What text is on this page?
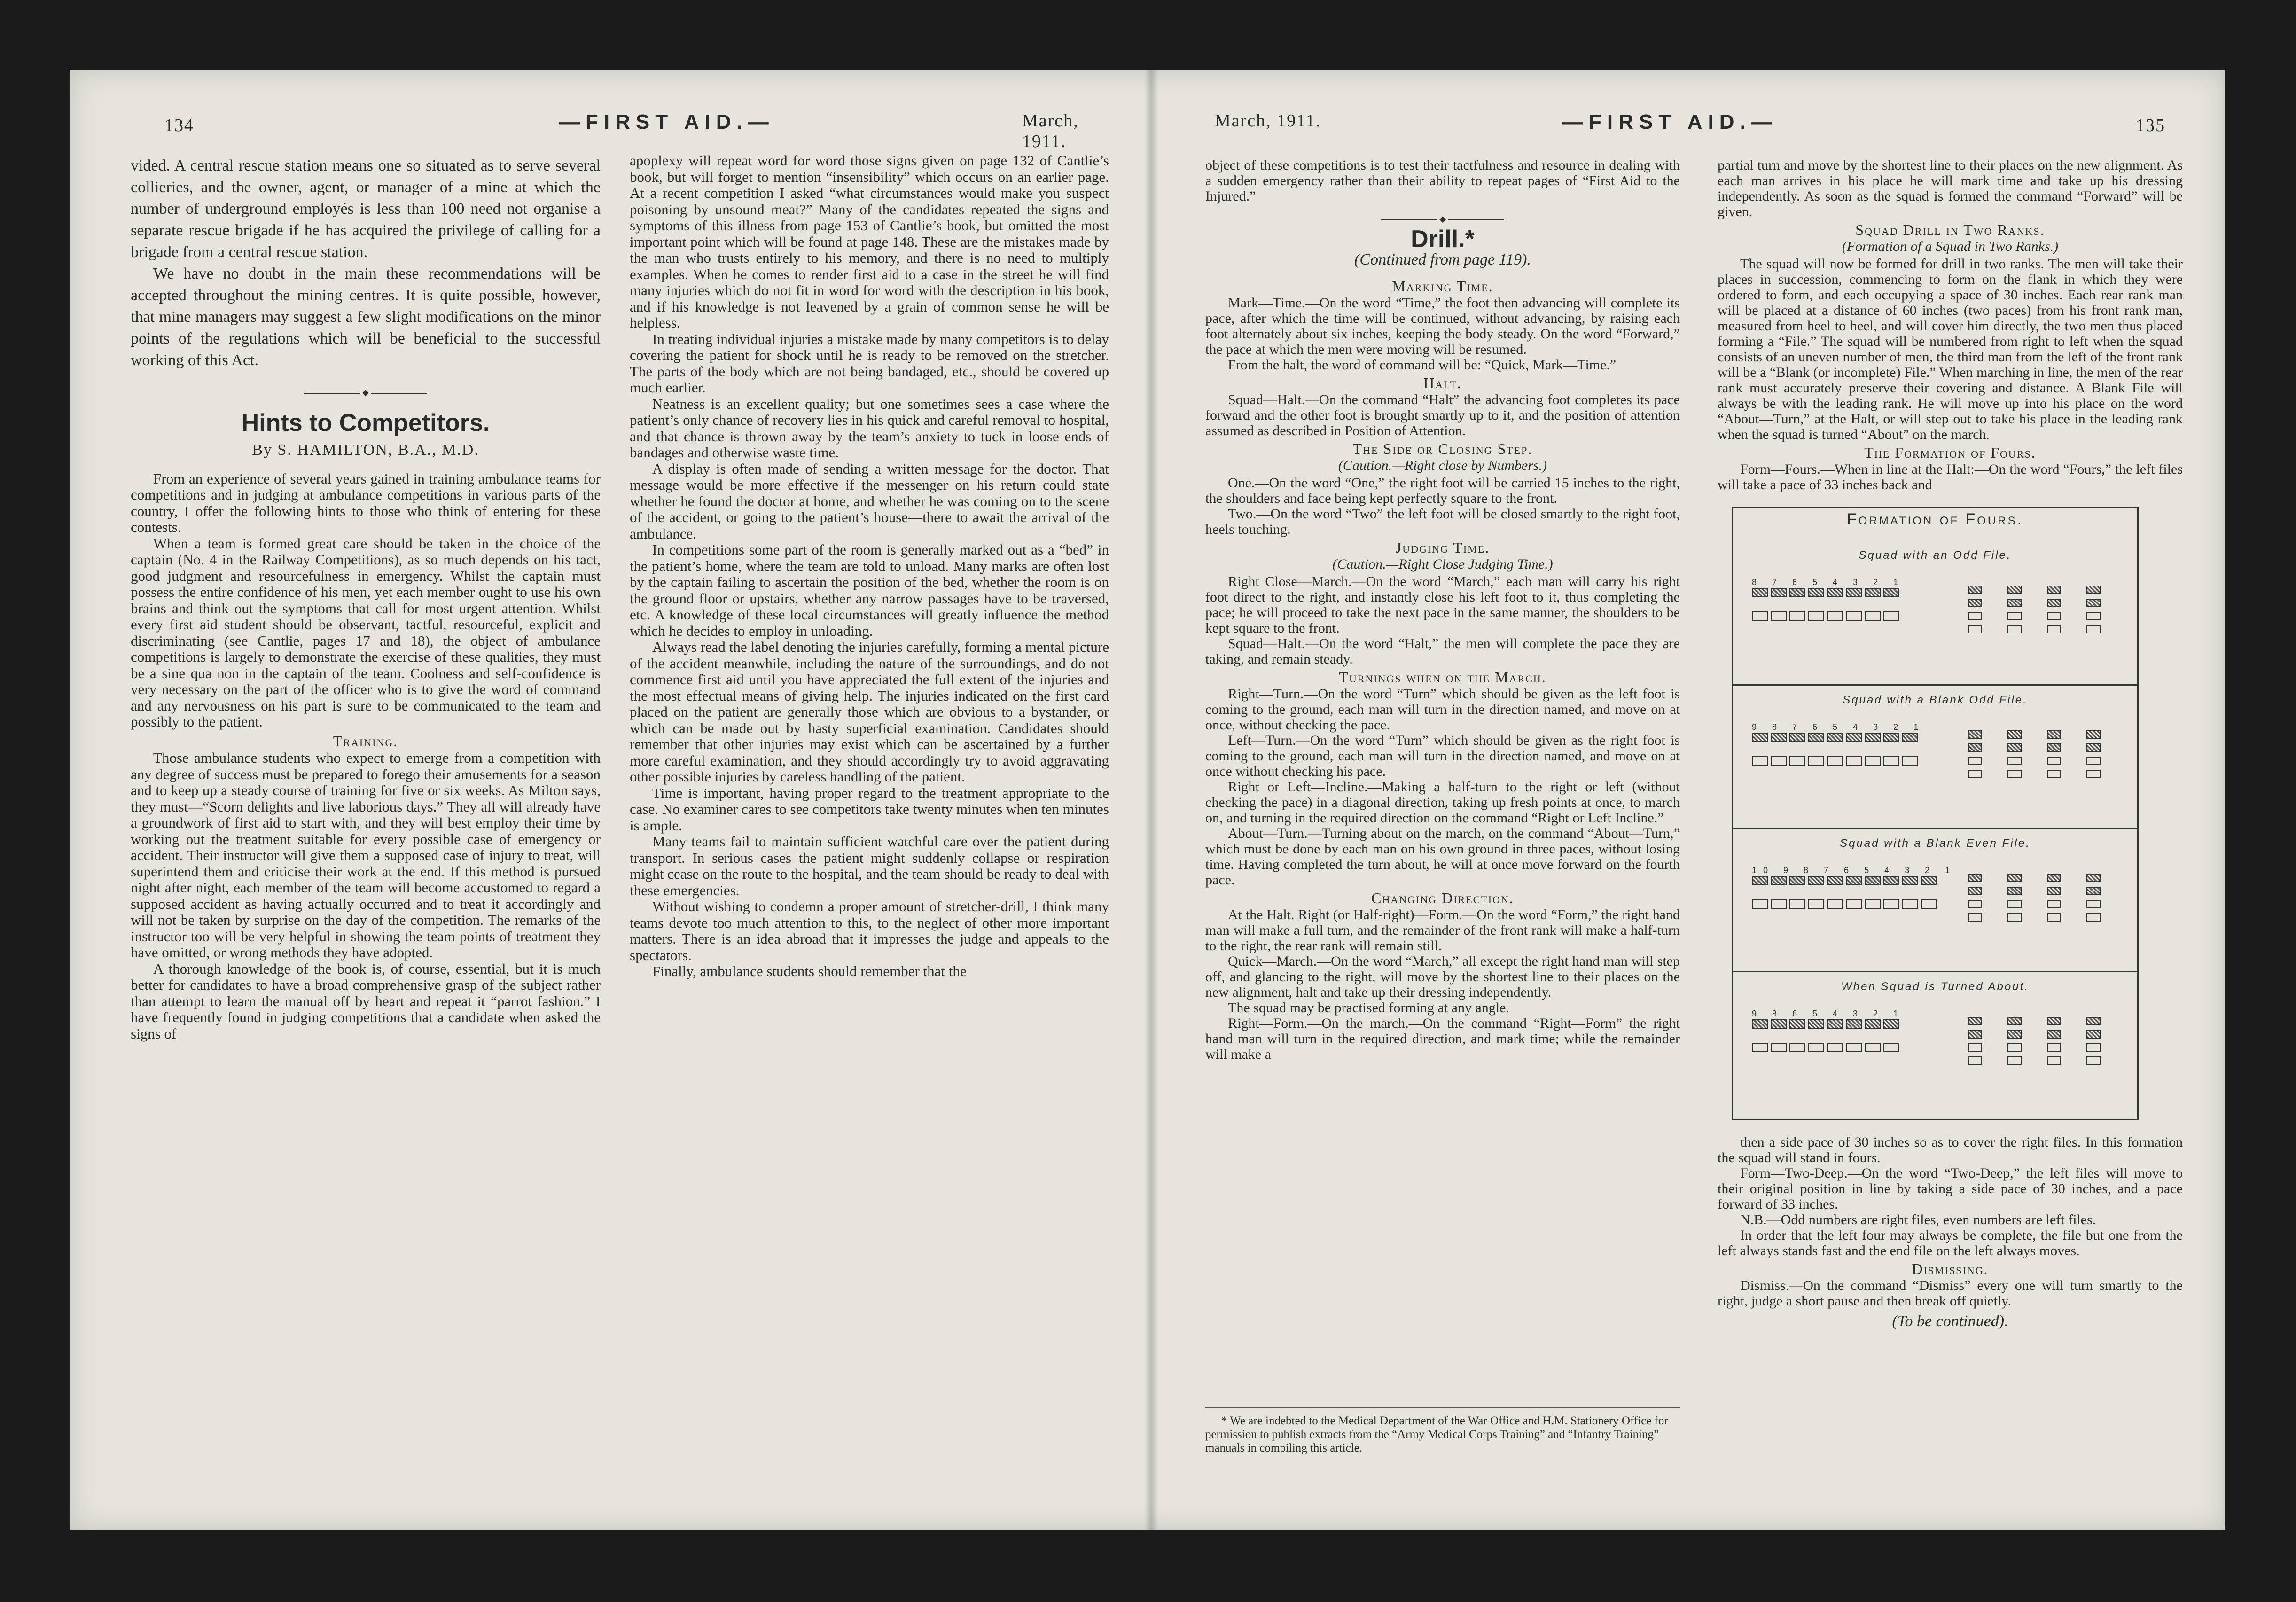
134	—FIRST AID.—	March, 1911.

vided. A central rescue station means one so situated as to serve several collieries, and the owner, agent, or manager of a mine at which the number of underground employés is less than 100 need not organise a separate rescue brigade if he has acquired the privilege of calling for a brigade from a central rescue station.

We have no doubt in the main these recommendations will be accepted throughout the mining centres. It is quite possible, however, that mine managers may suggest a few slight modifications on the minor points of the regulations which will be beneficial to the successful working of this Act.

◆
Hints to Competitors.
By S. HAMILTON, B.A., M.D.

From an experience of several years gained in training ambulance teams for competitions and in judging at ambulance competitions in various parts of the country, I offer the following hints to those who think of entering for these contests.

When a team is formed great care should be taken in the choice of the captain (No. 4 in the Railway Competitions), as so much depends on his tact, good judgment and resourcefulness in emergency. Whilst the captain must possess the entire confidence of his men, yet each member ought to use his own brains and think out the symptoms that call for most urgent attention. Whilst every first aid student should be observant, tactful, resourceful, explicit and discriminating (see Cantlie, pages 17 and 18), the object of ambulance competitions is largely to demonstrate the exercise of these qualities, they must be a sine qua non in the captain of the team. Coolness and self-confidence is very necessary on the part of the officer who is to give the word of command and any nervousness on his part is sure to be communicated to the team and possibly to the patient.

Training.

Those ambulance students who expect to emerge from a competition with any degree of success must be prepared to forego their amusements for a season and to keep up a steady course of training for five or six weeks. As Milton says, they must—“Scorn delights and live laborious days.” They all will already have a groundwork of first aid to start with, and they will best employ their time by working out the treatment suitable for every possible case of emergency or accident. Their instructor will give them a supposed case of injury to treat, will superintend them and criticise their work at the end. If this method is pursued night after night, each member of the team will become accustomed to regard a supposed accident as having actually occurred and to treat it accordingly and will not be taken by surprise on the day of the competition. The remarks of the instructor too will be very helpful in showing the team points of treatment they have omitted, or wrong methods they have adopted.

A thorough knowledge of the book is, of course, essential, but it is much better for candidates to have a broad comprehensive grasp of the subject rather than attempt to learn the manual off by heart and repeat it “parrot fashion.” I have frequently found in judging competitions that a candidate when asked the signs of

apoplexy will repeat word for word those signs given on page 132 of Cantlie’s book, but will forget to mention “insensibility” which occurs on an earlier page. At a recent competition I asked “what circumstances would make you suspect poisoning by unsound meat?” Many of the candidates repeated the signs and symptoms of this illness from page 153 of Cantlie’s book, but omitted the most important point which will be found at page 148. These are the mistakes made by the man who trusts entirely to his memory, and there is no need to multiply examples. When he comes to render first aid to a case in the street he will find many injuries which do not fit in word for word with the description in his book, and if his knowledge is not leavened by a grain of common sense he will be helpless.

In treating individual injuries a mistake made by many competitors is to delay covering the patient for shock until he is ready to be removed on the stretcher. The parts of the body which are not being bandaged, etc., should be covered up much earlier.

Neatness is an excellent quality; but one sometimes sees a case where the patient’s only chance of recovery lies in his quick and careful removal to hospital, and that chance is thrown away by the team’s anxiety to tuck in loose ends of bandages and otherwise waste time.

A display is often made of sending a written message for the doctor. That message would be more effective if the messenger on his return could state whether he found the doctor at home, and whether he was coming on to the scene of the accident, or going to the patient’s house—there to await the arrival of the ambulance.

In competitions some part of the room is generally marked out as a “bed” in the patient’s home, where the team are told to unload. Many marks are often lost by the captain failing to ascertain the position of the bed, whether the room is on the ground floor or upstairs, whether any narrow passages have to be traversed, etc. A knowledge of these local circumstances will greatly influence the method which he decides to employ in unloading.

Always read the label denoting the injuries carefully, forming a mental picture of the accident meanwhile, including the nature of the surroundings, and do not commence first aid until you have appreciated the full extent of the injuries and the most effectual means of giving help. The injuries indicated on the first card placed on the patient are generally those which are obvious to a bystander, or which can be made out by hasty superficial examination. Candidates should remember that other injuries may exist which can be ascertained by a further more careful examination, and they should accordingly try to avoid aggravating other possible injuries by careless handling of the patient.

Time is important, having proper regard to the treatment appropriate to the case. No examiner cares to see competitors take twenty minutes when ten minutes is ample.

Many teams fail to maintain sufficient watchful care over the patient during transport. In serious cases the patient might suddenly collapse or respiration might cease on the route to the hospital, and the team should be ready to deal with these emergencies.

Without wishing to condemn a proper amount of stretcher-drill, I think many teams devote too much attention to this, to the neglect of other more important matters. There is an idea abroad that it impresses the judge and appeals to the spectators.

Finally, ambulance students should remember that the

March, 1911.	—FIRST AID.—	135

object of these competitions is to test their tactfulness and resource in dealing with a sudden emergency rather than their ability to repeat pages of “First Aid to the Injured.”

◆
Drill.*
(Continued from page 119).
Marking Time.

Mark—Time.—On the word “Time,” the foot then advancing will complete its pace, after which the time will be continued, without advancing, by raising each foot alternately about six inches, keeping the body steady. On the word “Forward,” the pace at which the men were moving will be resumed.

From the halt, the word of command will be: “Quick, Mark—Time.”

Halt.

Squad—Halt.—On the command “Halt” the advancing foot completes its pace forward and the other foot is brought smartly up to it, and the position of attention assumed as described in Position of Attention.

The Side or Closing Step.
(Caution.—Right close by Numbers.)

One.—On the word “One,” the right foot will be carried 15 inches to the right, the shoulders and face being kept perfectly square to the front.

Two.—On the word “Two” the left foot will be closed smartly to the right foot, heels touching.

Judging Time.
(Caution.—Right Close Judging Time.)

Right Close—March.—On the word “March,” each man will carry his right foot direct to the right, and instantly close his left foot to it, thus completing the pace; he will proceed to take the next pace in the same manner, the shoulders to be kept square to the front.

Squad—Halt.—On the word “Halt,” the men will complete the pace they are taking, and remain steady.

Turnings when on the March.

Right—Turn.—On the word “Turn” which should be given as the left foot is coming to the ground, each man will turn in the direction named, and move on at once, without checking the pace.

Left—Turn.—On the word “Turn” which should be given as the right foot is coming to the ground, each man will turn in the direction named, and move on at once without checking his pace.

Right or Left—Incline.—Making a half-turn to the right or left (without checking the pace) in a diagonal direction, taking up fresh points at once, to march on, and turning in the required direction on the command “Right or Left Incline.”

About—Turn.—Turning about on the march, on the command “About—Turn,” which must be done by each man on his own ground in three paces, without losing time. Having completed the turn about, he will at once move forward on the fourth pace.

Changing Direction.

At the Halt. Right (or Half-right)—Form.—On the word “Form,” the right hand man will make a full turn, and the remainder of the front rank will make a half-turn to the right, the rear rank will remain still.

Quick—March.—On the word “March,” all except the right hand man will step off, and glancing to the right, will move by the shortest line to their places on the new alignment, halt and take up their dressing independently.

The squad may be practised forming at any angle.

Right—Form.—On the march.—On the command “Right—Form” the right hand man will turn in the required direction, and mark time; while the remainder will make a

* We are indebted to the Medical Department of the War Office and H.M. Stationery Office for permission to publish extracts from the “Army Medical Corps Training” and “Infantry Training” manuals in compiling this article.

partial turn and move by the shortest line to their places on the new alignment. As each man arrives in his place he will mark time and take up his dressing independently. As soon as the squad is formed the command “Forward” will be given.

Squad Drill in Two Ranks.
(Formation of a Squad in Two Ranks.)

The squad will now be formed for drill in two ranks. The men will take their places in succession, commencing to form on the flank in which they were ordered to form, and each occupying a space of 30 inches. Each rear rank man will be placed at a distance of 60 inches (two paces) from his front rank man, measured from heel to heel, and will cover him directly, the two men thus placed forming a “File.” The squad will be numbered from right to left when the squad consists of an uneven number of men, the third man from the left of the front rank will be a “Blank (or incomplete) File.” When marching in line, the men of the rear rank must accurately preserve their covering and distance. A Blank File will always be with the leading rank. He will move up into his place on the word “About—Turn,” at the Halt, or will step out to take his place in the leading rank when the squad is turned “About” on the march.

The Formation of Fours.

Form—Fours.—When in line at the Halt:—On the word “Fours,” the left files will take a pace of 33 inches back and

Formation of Fours.
Squad with an Odd File.
8 7 6 5 4 3 2 1
Squad with a Blank Odd File.
9 8 7 6 5 4 3 2 1
Squad with a Blank Even File.
10 9 8 7 6 5 4 3 2 1
When Squad is Turned About.
9 8 6 5 4 3 2 1

then a side pace of 30 inches so as to cover the right files. In this formation the squad will stand in fours.

Form—Two-Deep.—On the word “Two-Deep,” the left files will move to their original position in line by taking a side pace of 30 inches, and a pace forward of 33 inches.

N.B.—Odd numbers are right files, even numbers are left files.

In order that the left four may always be complete, the file but one from the left always stands fast and the end file on the left always moves.

Dismissing.

Dismiss.—On the command “Dismiss” every one will turn smartly to the right, judge a short pause and then break off quietly.

(To be continued).
